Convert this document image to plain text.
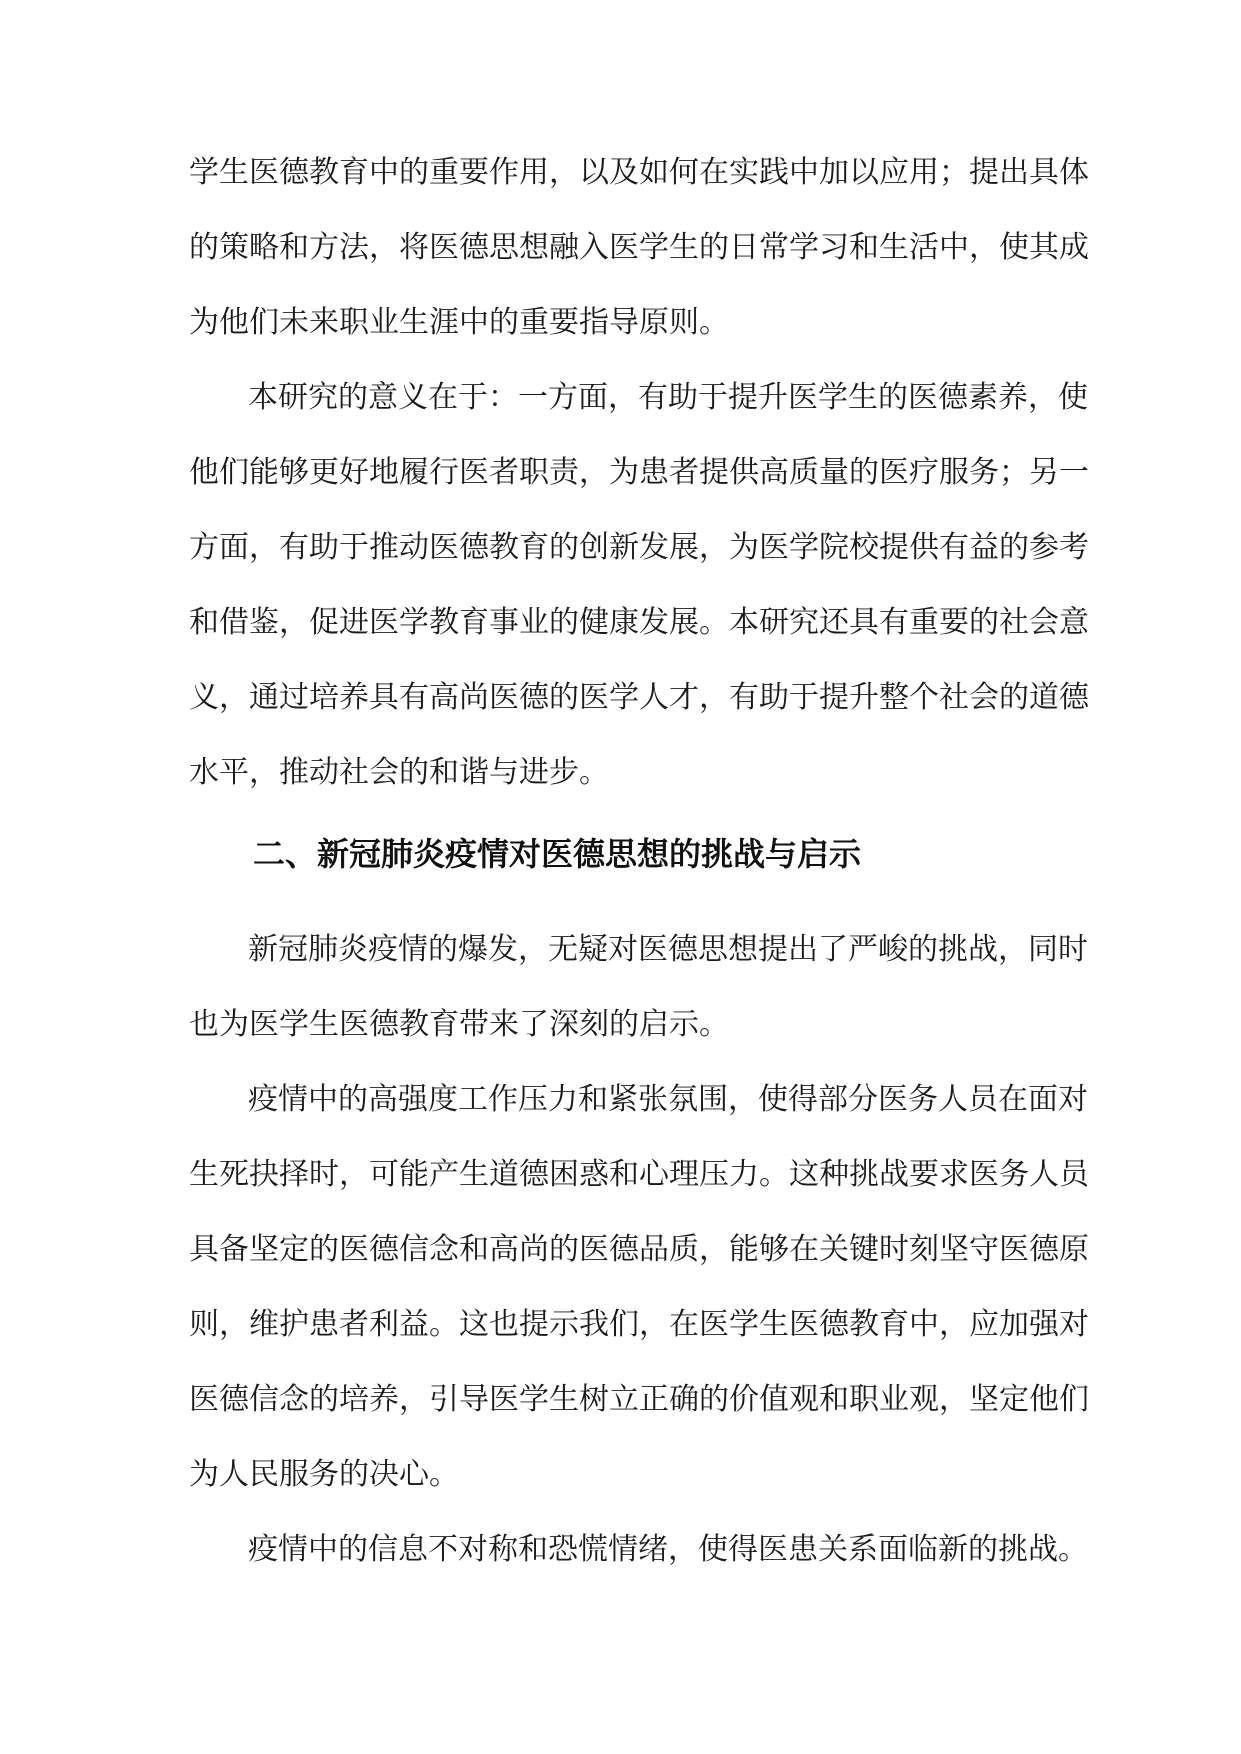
学生医德教育中的重要作用，以及如何在实践中加以应用；提出具体
的策略和方法，将医德思想融入医学生的日常学习和生活中，使其成
为他们未来职业生涯中的重要指导原则。
本研究的意义在于：一方面，有助于提升医学生的医德素养，使
他们能够更好地履行医者职责，为患者提供高质量的医疗服务；另一
方面，有助于推动医德教育的创新发展，为医学院校提供有益的参考
和借鉴，促进医学教育事业的健康发展。本研究还具有重要的社会意
义，通过培养具有高尚医德的医学人才，有助于提升整个社会的道德
水平，推动社会的和谐与进步。
二、新冠肺炎疫情对医德思想的挑战与启示
新冠肺炎疫情的爆发，无疑对医德思想提出了严峻的挑战，同时
也为医学生医德教育带来了深刻的启示。
疫情中的高强度工作压力和紧张氛围，使得部分医务人员在面对
生死抉择时，可能产生道德困惑和心理压力。这种挑战要求医务人员
具备坚定的医德信念和高尚的医德品质，能够在关键时刻坚守医德原
则，维护患者利益。这也提示我们，在医学生医德教育中，应加强对
医德信念的培养，引导医学生树立正确的价值观和职业观，坚定他们
为人民服务的决心。
疫情中的信息不对称和恐慌情绪，使得医患关系面临新的挑战。
